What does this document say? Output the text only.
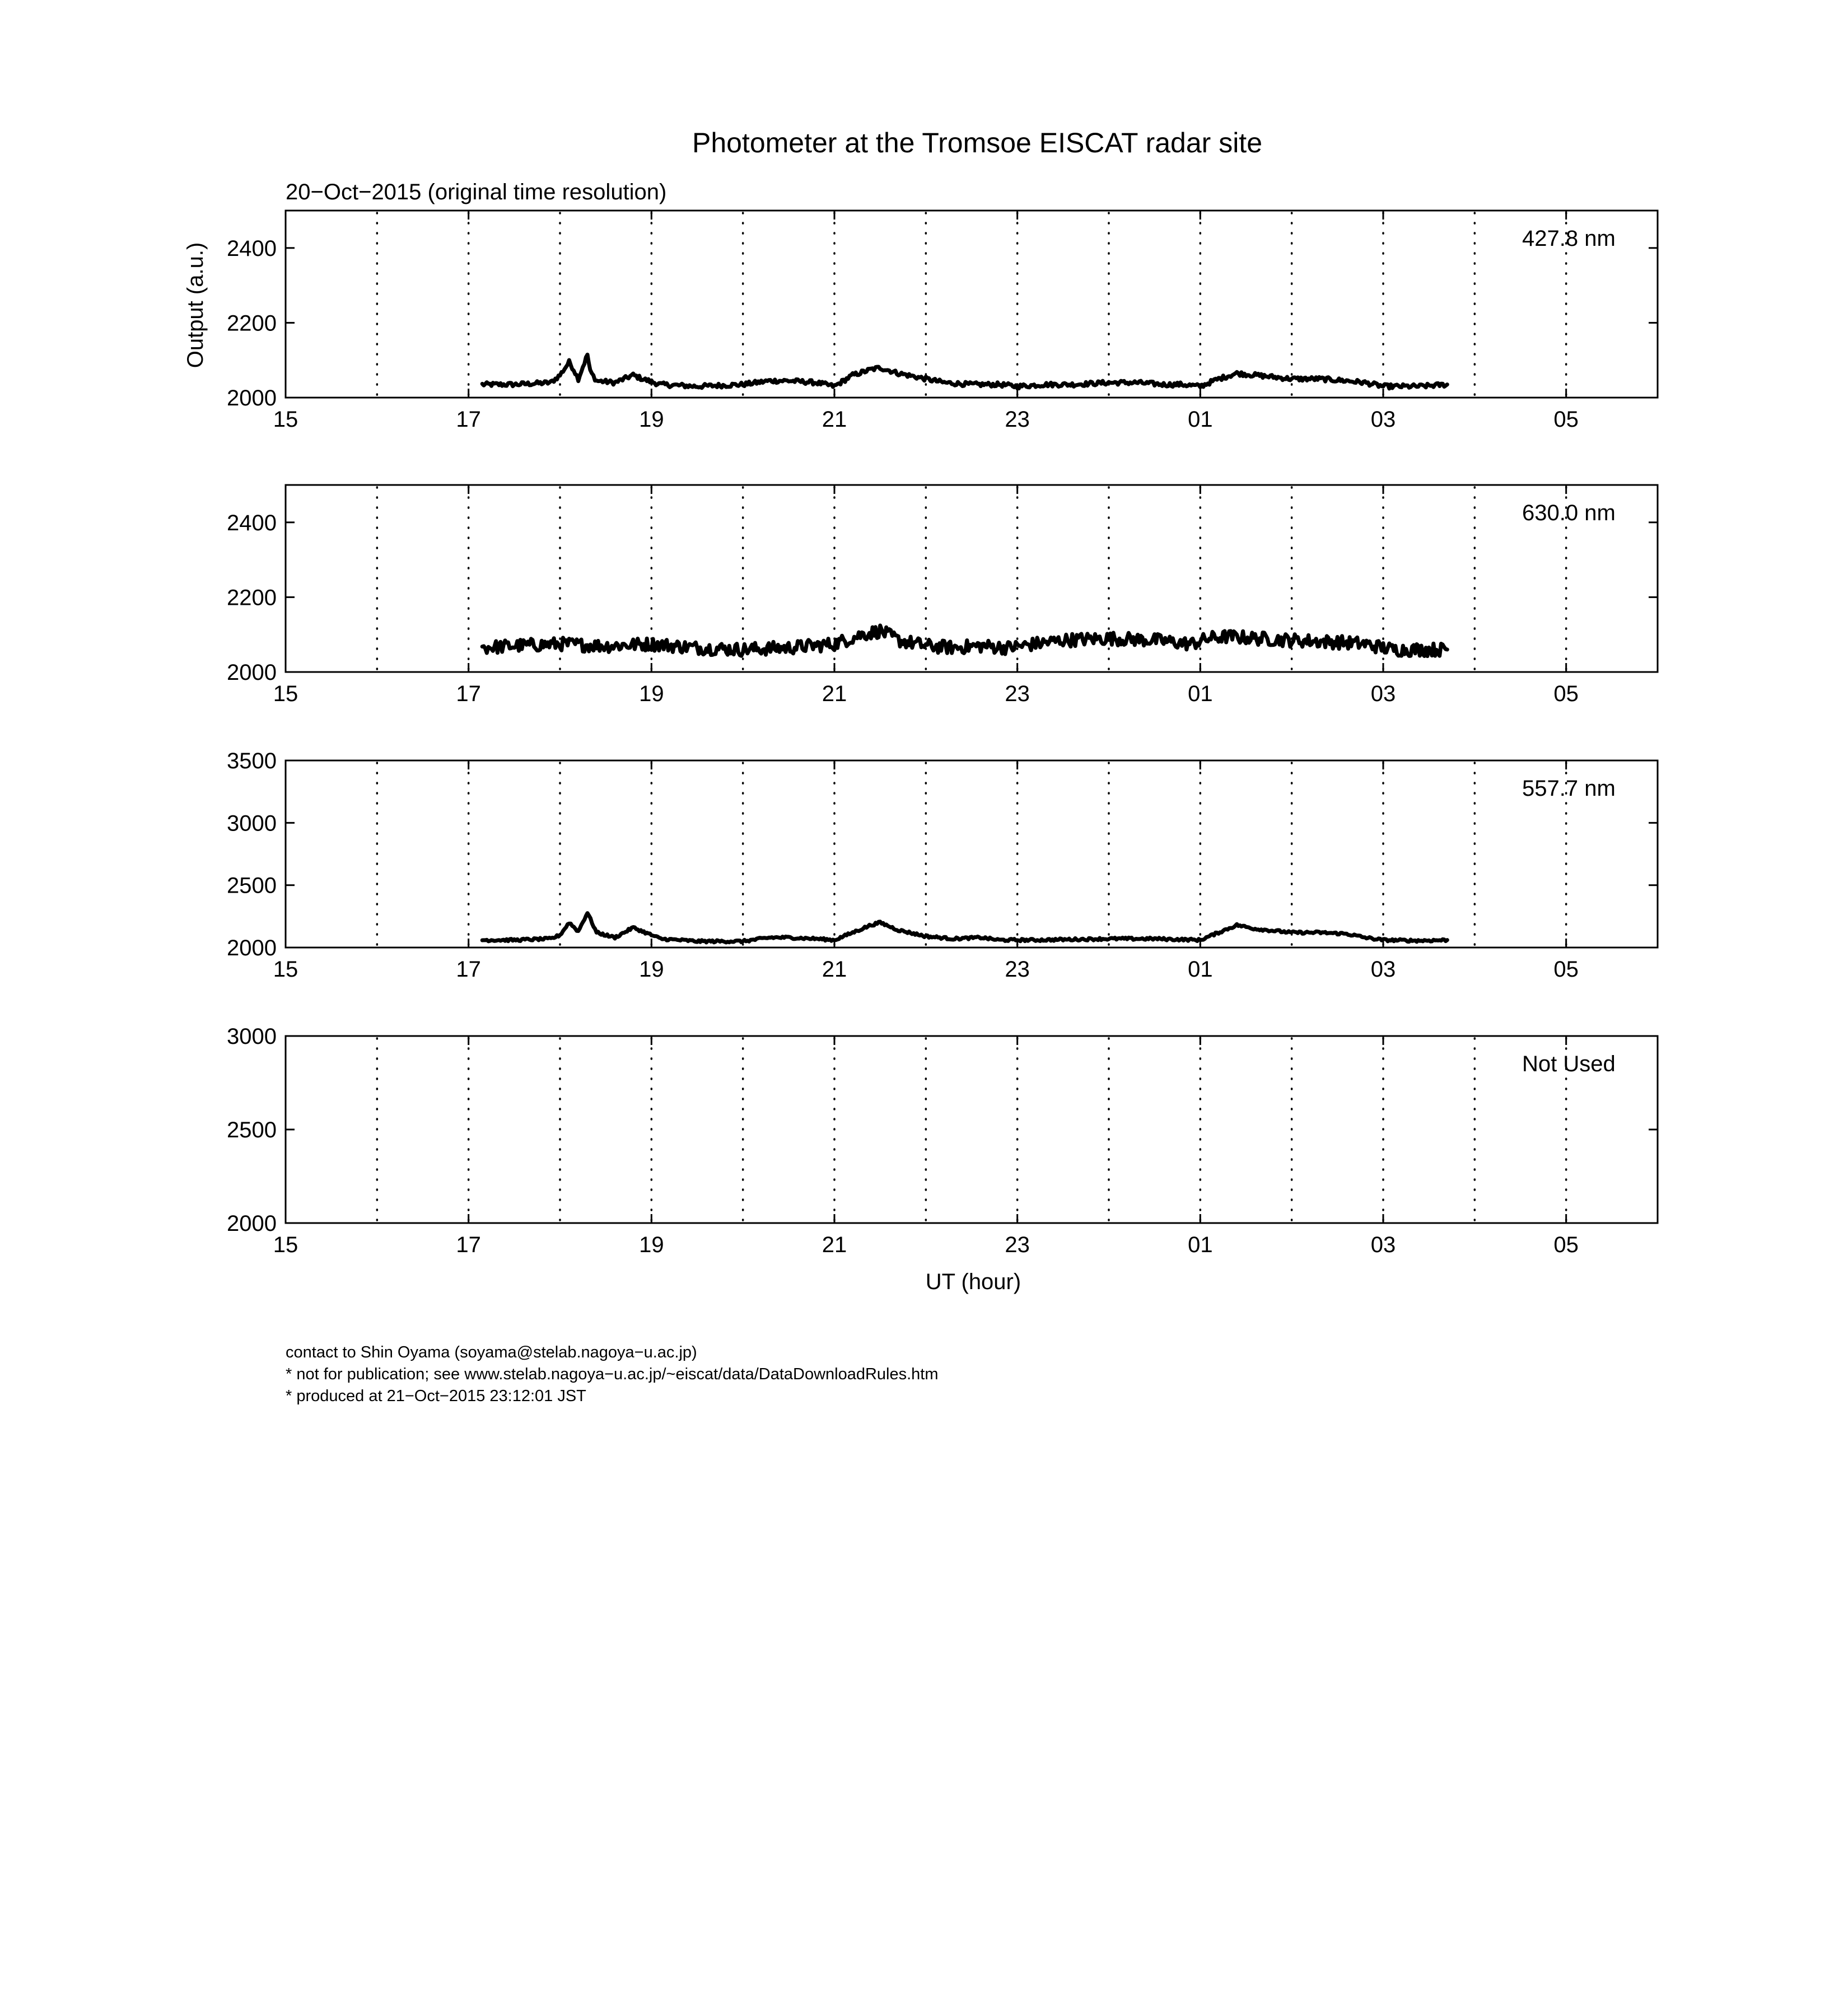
Photometer at the Tromsoe EISCAT radar site
20−Oct−2015 (original time resolution)
Output (a.u.)
UT (hour)
15	17	19	21	23	01	03	05
2000
2200
2400	427.8 nm
15	17	19	21	23	01	03	05
2000
2200
2400	630.0 nm
15	17	19	21	23	01	03	05
2000
2500
3000
3500
557.7 nm
15	17	19	21	23	01	03	05
2000
2500
3000
Not Used
contact to Shin Oyama (soyama@stelab.nagoya−u.ac.jp)
* not for publication; see www.stelab.nagoya−u.ac.jp/~eiscat/data/DataDownloadRules.htm
* produced at 21−Oct−2015 23:12:01 JST
